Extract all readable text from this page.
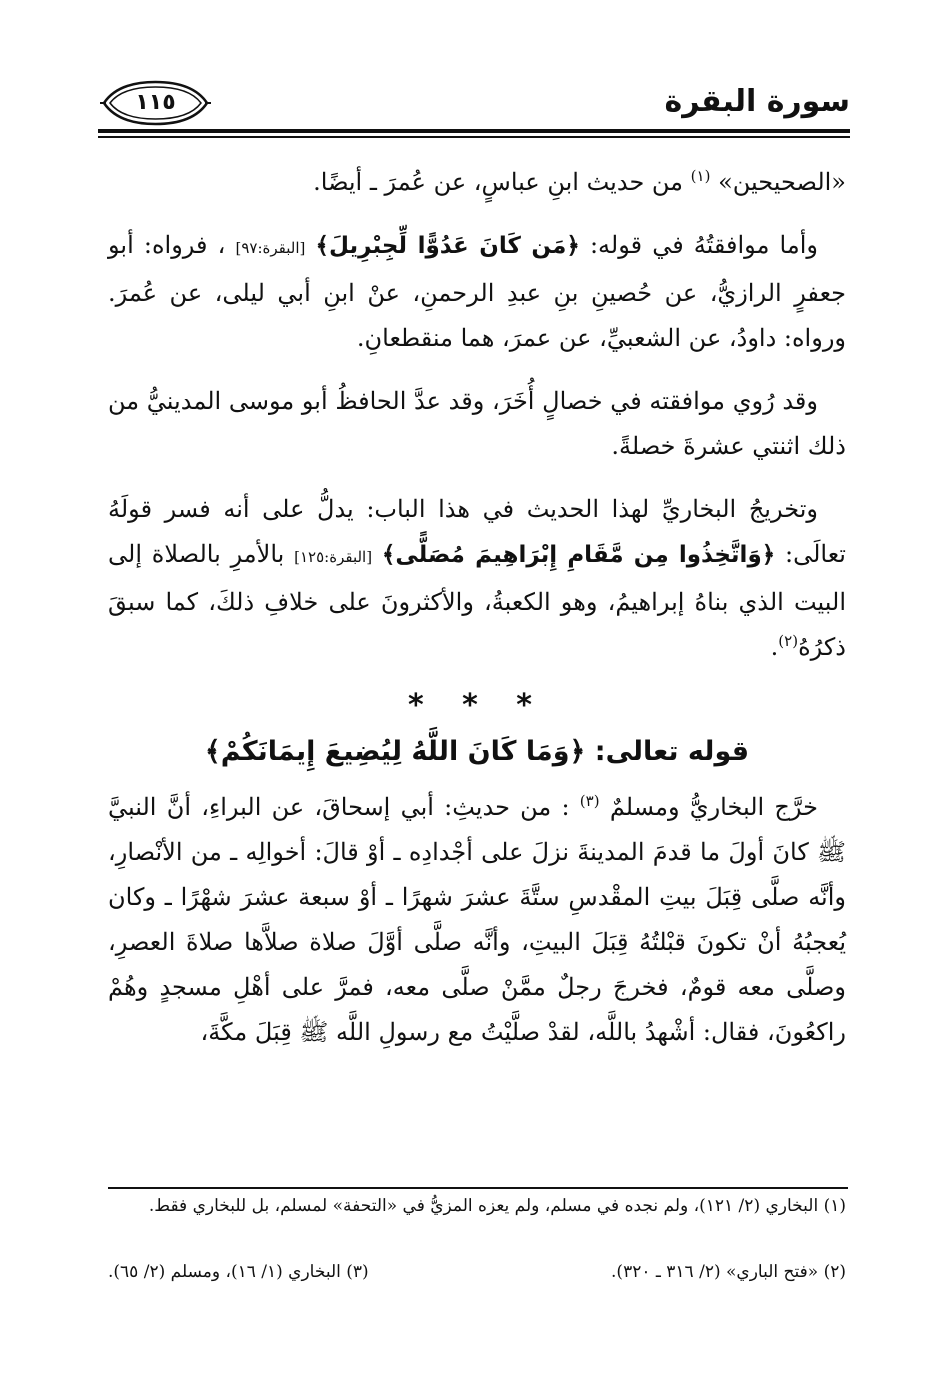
سورة البقرة
١١٥

«الصحيحين» $^{(١)}$ من حديث ابنِ عباسٍ، عن عُمرَ ـ أيضًا.

وأما موافقتُهُ في قوله: ﴿مَن كَانَ عَدُوًّا لِّجِبْرِيلَ﴾ [البقرة:٩٧] ، فرواه: أبو جعفرٍ الرازيُّ، عن حُصينِ بنِ عبدِ الرحمنِ، عنْ ابنِ أبي ليلى، عن عُمرَ. ورواه: داودُ، عن الشعبيِّ، عن عمرَ، هما منقطعانِ.

وقد رُوي موافقته في خصالٍ أُخَرَ، وقد عدَّ الحافظُ أبو موسى المدينيُّ من ذلك اثنتي عشرةَ خصلةً.

وتخريجُ البخاريِّ لهذا الحديث في هذا الباب: يدلُّ على أنه فسر قولَهُ تعالَى: ﴿وَاتَّخِذُوا مِن مَّقَامِ إِبْرَاهِيمَ مُصَلًّى﴾ [البقرة:١٢٥] بالأمرِ بالصلاة إلى البيت الذي بناهُ إبراهيمُ، وهو الكعبةُ، والأكثرونَ على خلافِ ذلكَ، كما سبقَ ذكرُهُ$^{(٢)}$.

* * *
قوله تعالى: ﴿وَمَا كَانَ اللَّهُ لِيُضِيعَ إِيمَانَكُمْ﴾

خرَّج البخاريُّ ومسلمٌ $^{(٣)}$ : من حديثِ: أبي إسحاقَ، عن البراءِ، أنَّ النبيَّ ﷺ كانَ أولَ ما قدمَ المدينةَ نزلَ على أجْدادِه ـ أوْ قالَ: أخوالِه ـ من الأنْصارِ، وأنَّه صلَّى قِبَلَ بيتِ المقْدسِ ستَّةَ عشرَ شهرًا ـ أوْ سبعة عشرَ شهْرًا ـ وكان يُعجبُهُ أنْ تكونَ قبْلتُهُ قِبَلَ البيتِ، وأنَّه صلَّى أوَّلَ صلاة صلاَّها صلاةَ العصرِ، وصلَّى معه قومٌ، فخرجَ رجلٌ ممَّنْ صلَّى معه، فمرَّ على أهْلِ مسجدٍ وهُمْ راكعُونَ، فقال: أشْهدُ باللَّه، لقدْ صلَّيْتُ مع رسولِ اللَّه ﷺ قِبَلَ مكَّةَ،

(١) البخاري (٢/ ١٢١)، ولم نجده في مسلم، ولم يعزه المزيُّ في «التحفة» لمسلم، بل للبخاري فقط.
(٢) «فتح الباري» (٢/ ٣١٦ ـ ٣٢٠).
(٣) البخاري (١/ ١٦)، ومسلم (٢/ ٦٥).
